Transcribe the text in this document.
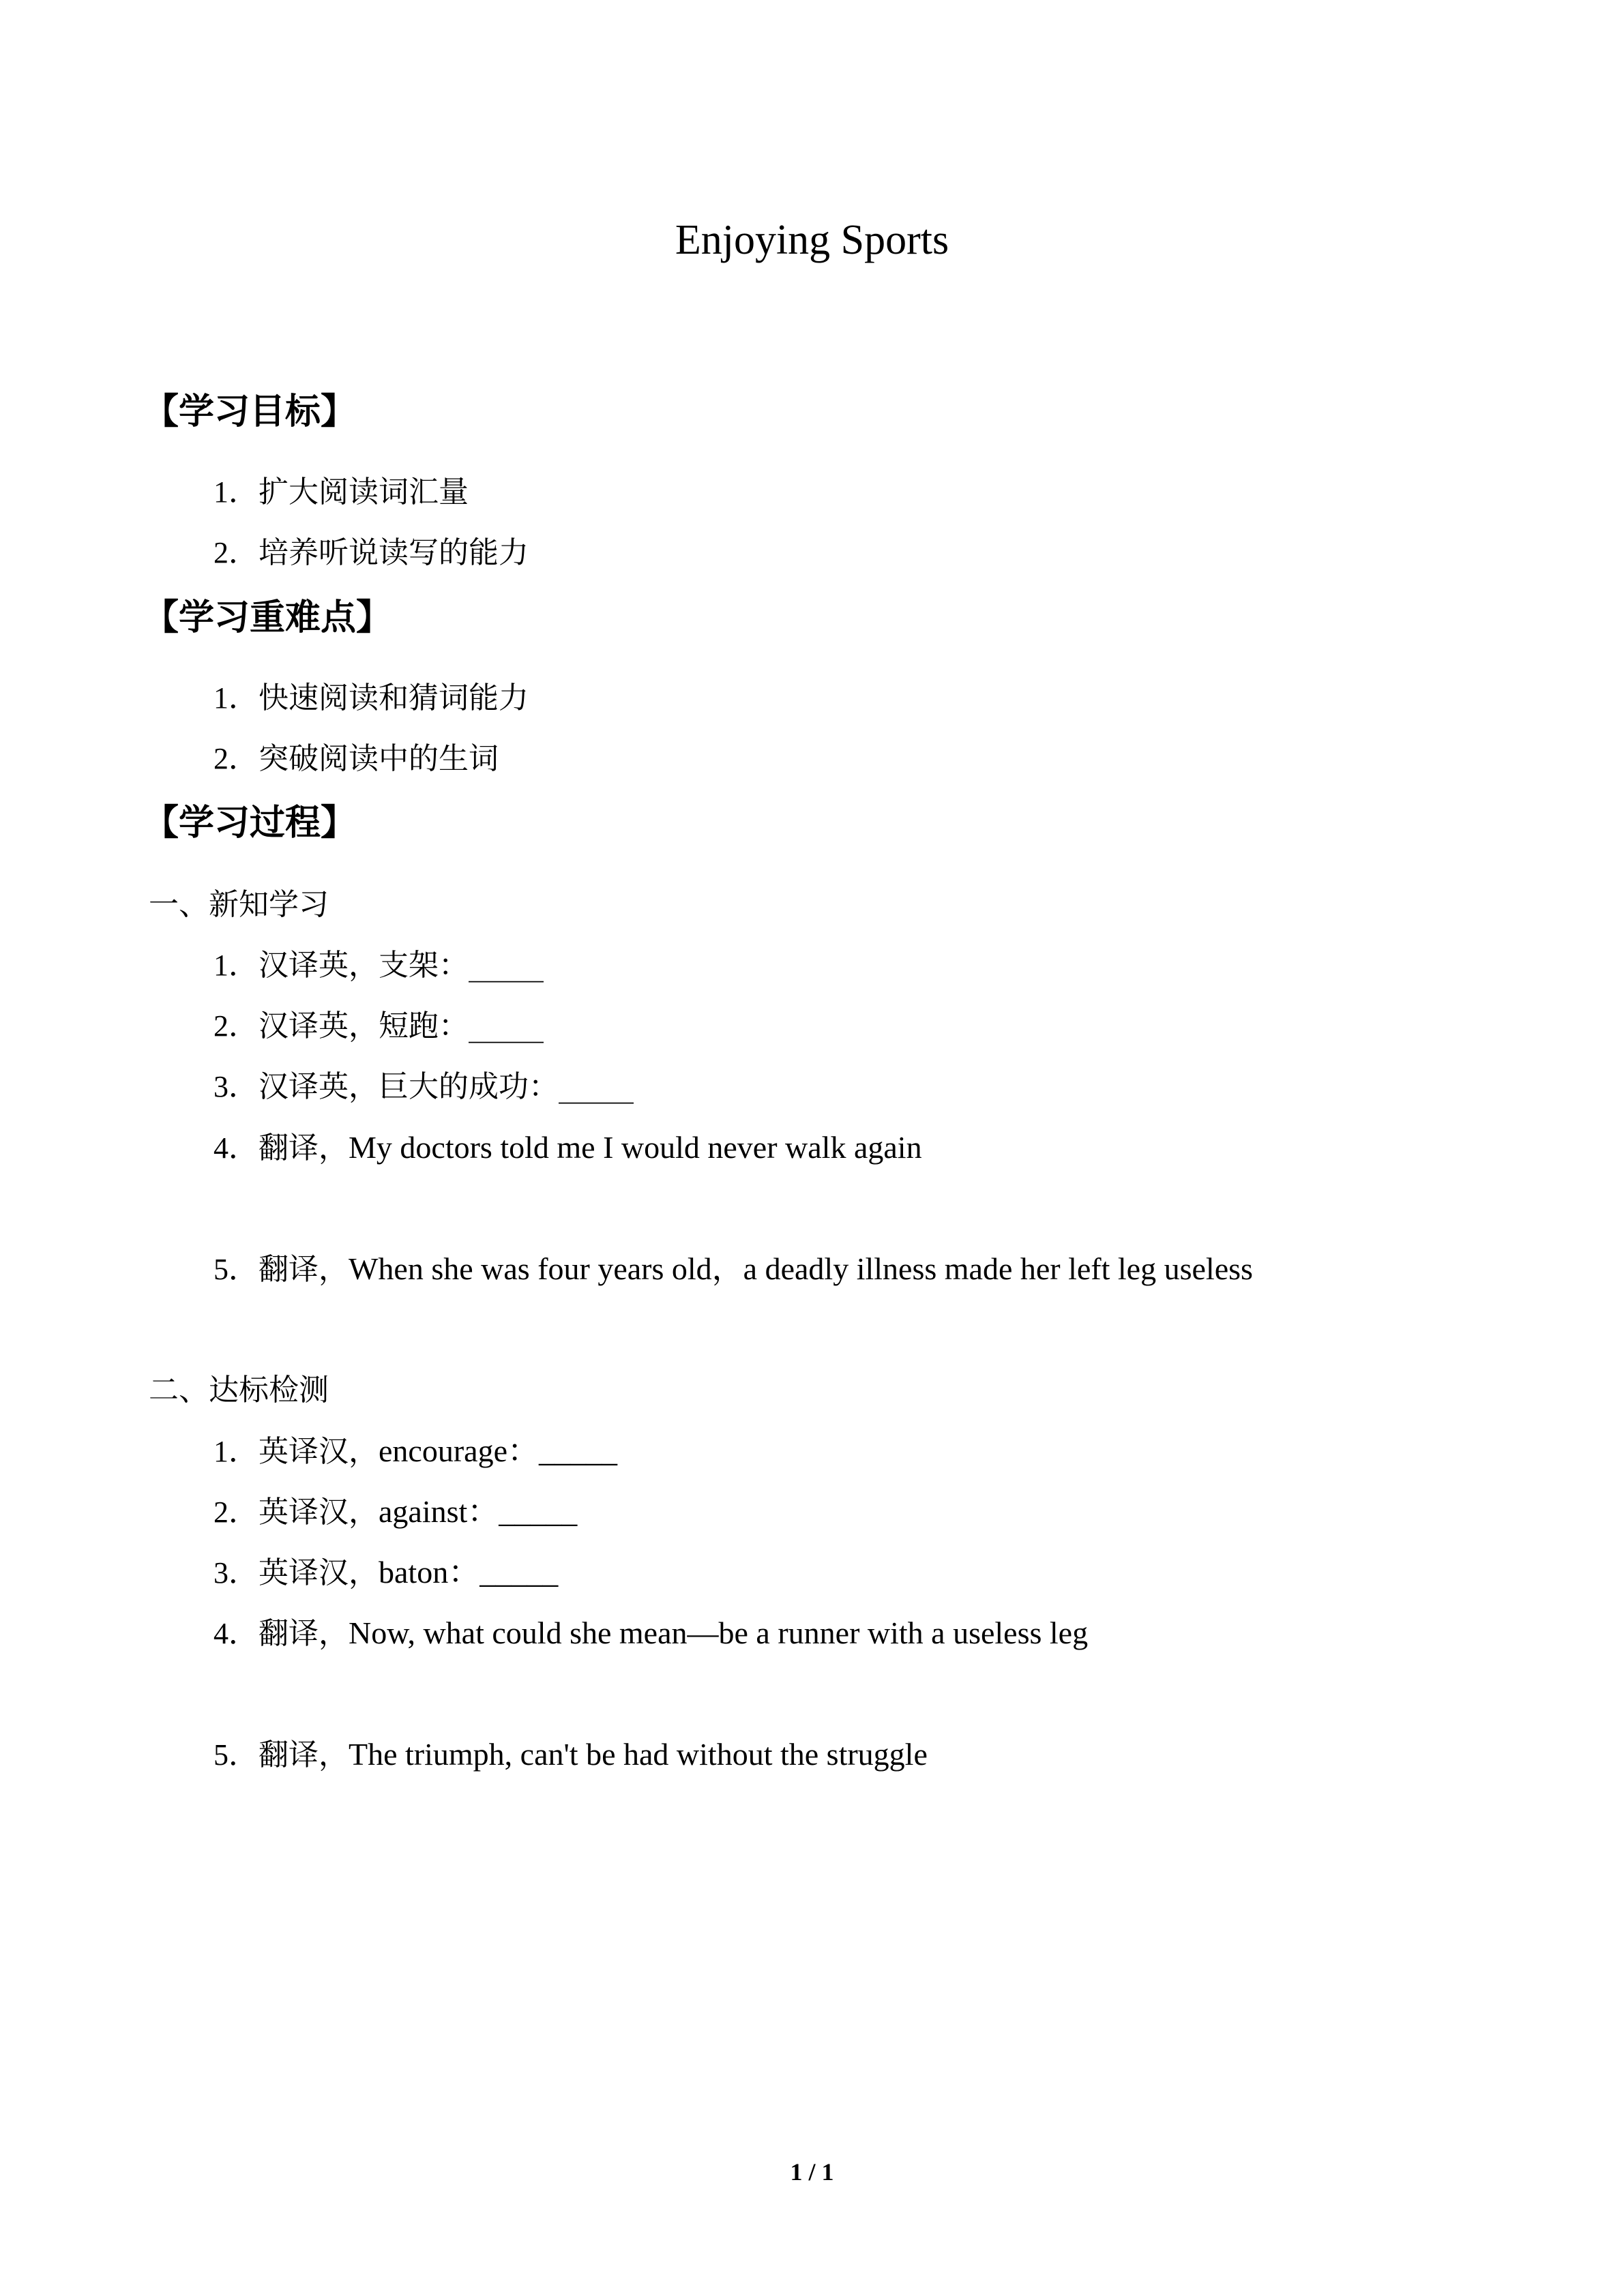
Enjoying Sports
【学习目标】
1．扩大阅读词汇量
2．培养听说读写的能力
【学习重难点】
1．快速阅读和猜词能力
2．突破阅读中的生词
【学习过程】
一、新知学习
1．汉译英，支架：_____
2．汉译英，短跑：_____
3．汉译英，巨大的成功：_____
4．翻译，My doctors told me I would never walk again
5．翻译，When she was four years old，a deadly illness made her left leg useless
二、达标检测
1．英译汉，encourage：_____
2．英译汉，against：_____
3．英译汉，baton：_____
4．翻译，Now, what could she mean—be a runner with a useless leg
5．翻译，The triumph, can't be had without the struggle
1 / 1
